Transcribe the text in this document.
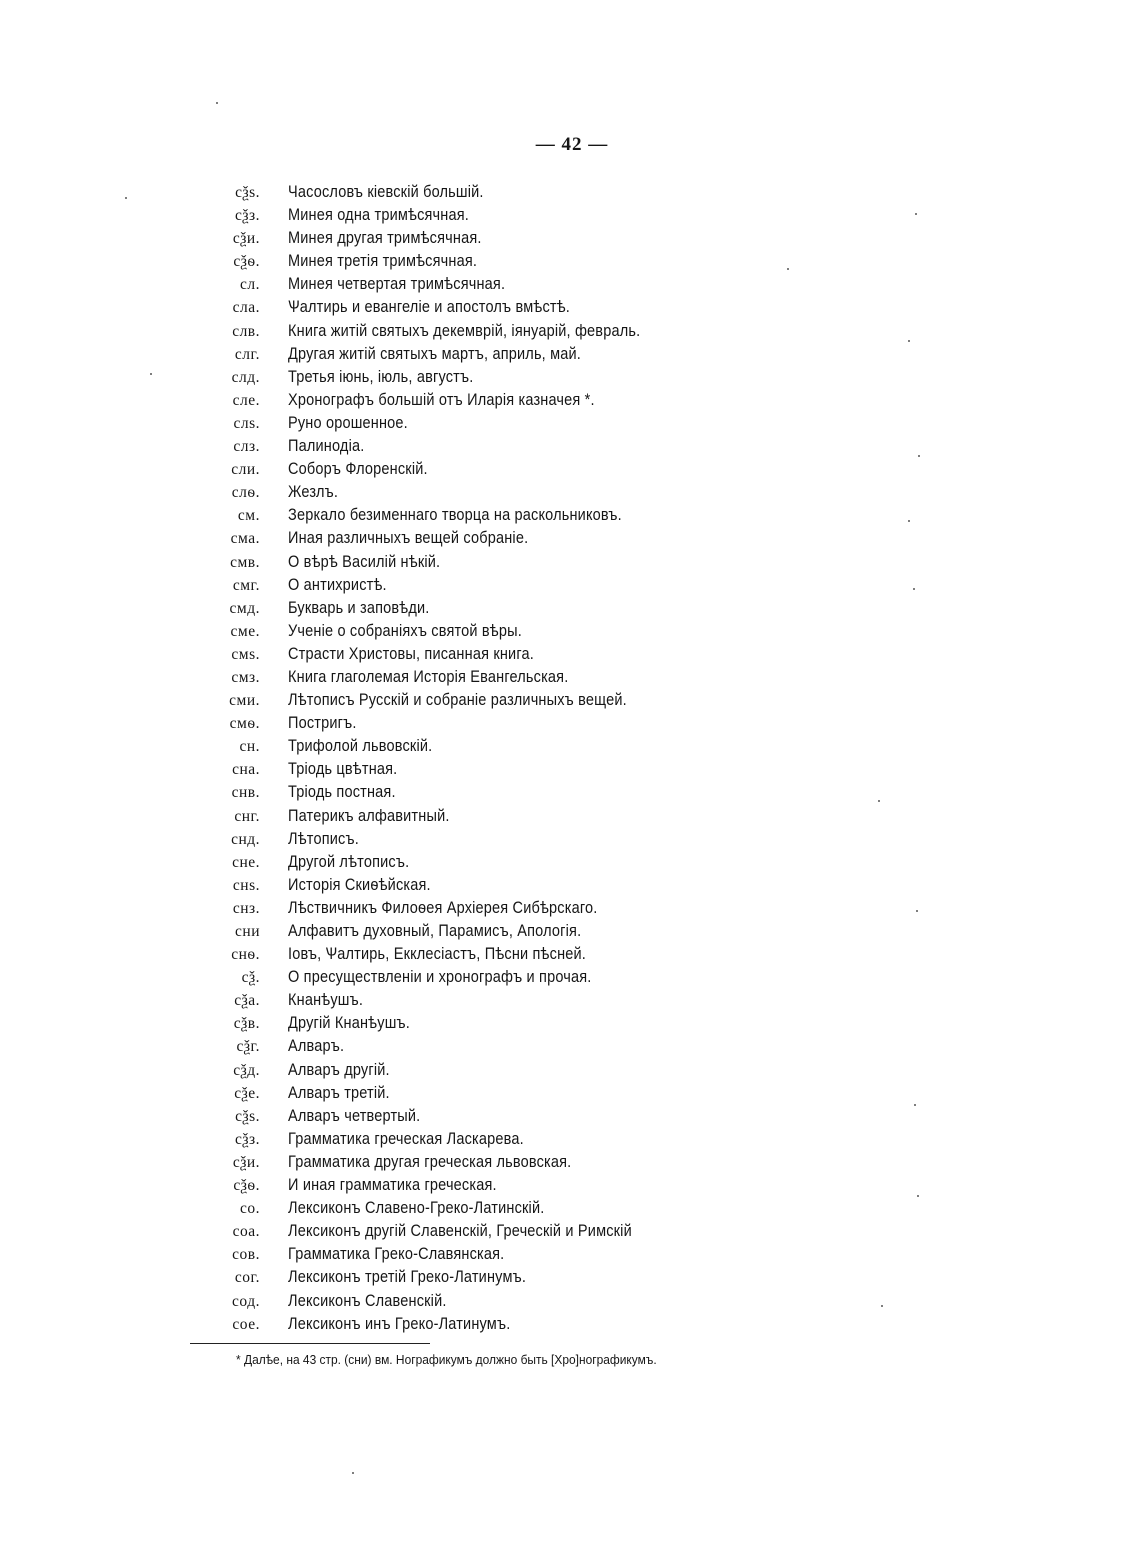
— 42 —
сѯѕ. Часословъ кіевскій большій.
сѯз. Минея одна тримѣсячная.
сѯи. Минея другая тримѣсячная.
сѯѳ. Минея третія тримѣсячная.
сл. Минея четвертая тримѣсячная.
сла. Ѱалтирь и евангеліе и апостолъ вмѣстѣ.
слв. Книга житій святыхъ декемврій, іянуарій, февраль.
слг. Другая житій святыхъ мартъ, априль, май.
слд. Третья іюнь, іюль, августъ.
сле. Хронографъ большій отъ Иларія казначея *.
слѕ. Руно орошенное.
слз. Палинодіа.
сли. Соборъ Флоренскій.
слѳ. Жезлъ.
см. Зеркало безименнаго творца на раскольниковъ.
сма. Иная различныхъ вещей собраніе.
смв. О вѣрѣ Василій нѣкій.
смг. О антихристѣ.
смд. Букварь и заповѣди.
сме. Ученіе о собраніяхъ святой вѣры.
смѕ. Страсти Христовы, писанная книга.
смз. Книга глаголемая Исторія Евангельская.
сми. Лѣтописъ Русскій и собраніе различныхъ вещей.
смѳ. Постригъ.
сн. Трифолой львовскій.
сна. Тріодь цвѣтная.
снв. Тріодь постная.
снг. Патерикъ алфавитный.
снд. Лѣтописъ.
сне. Другой лѣтописъ.
снѕ. Исторія Скиѳѣйская.
снз. Лѣствичникъ Филоѳея Архіерея Сибѣрскаго.
сни Алфавитъ духовный, Парамисъ, Апологія.
снѳ. Іовъ, Ѱалтирь, Екклесіастъ, Пѣсни пѣсней.
сѯ. О пресуществленіи и хронографъ и прочая.
сѯа. Кнанѣушъ.
сѯв. Другій Кнанѣушъ.
сѯг. Алваръ.
сѯд. Алваръ другій.
сѯе. Алваръ третій.
сѯѕ. Алваръ четвертый.
сѯз. Грамматика греческая Ласкарева.
сѯи. Грамматика другая греческая львовская.
сѯѳ. И иная грамматика греческая.
со. Лексиконъ Славено-Греко-Латинскій.
соа. Лексиконъ другій Славенскій, Греческій и Римскій
сов. Грамматика Греко-Славянская.
сог. Лексиконъ третій Греко-Латинумъ.
сод. Лексиконъ Славенскій.
сое. Лексиконъ инъ Греко-Латинумъ.
* Далѣе, на 43 стр. (сни) вм. Нографикумъ должно быть [Хро]нографикумъ.
